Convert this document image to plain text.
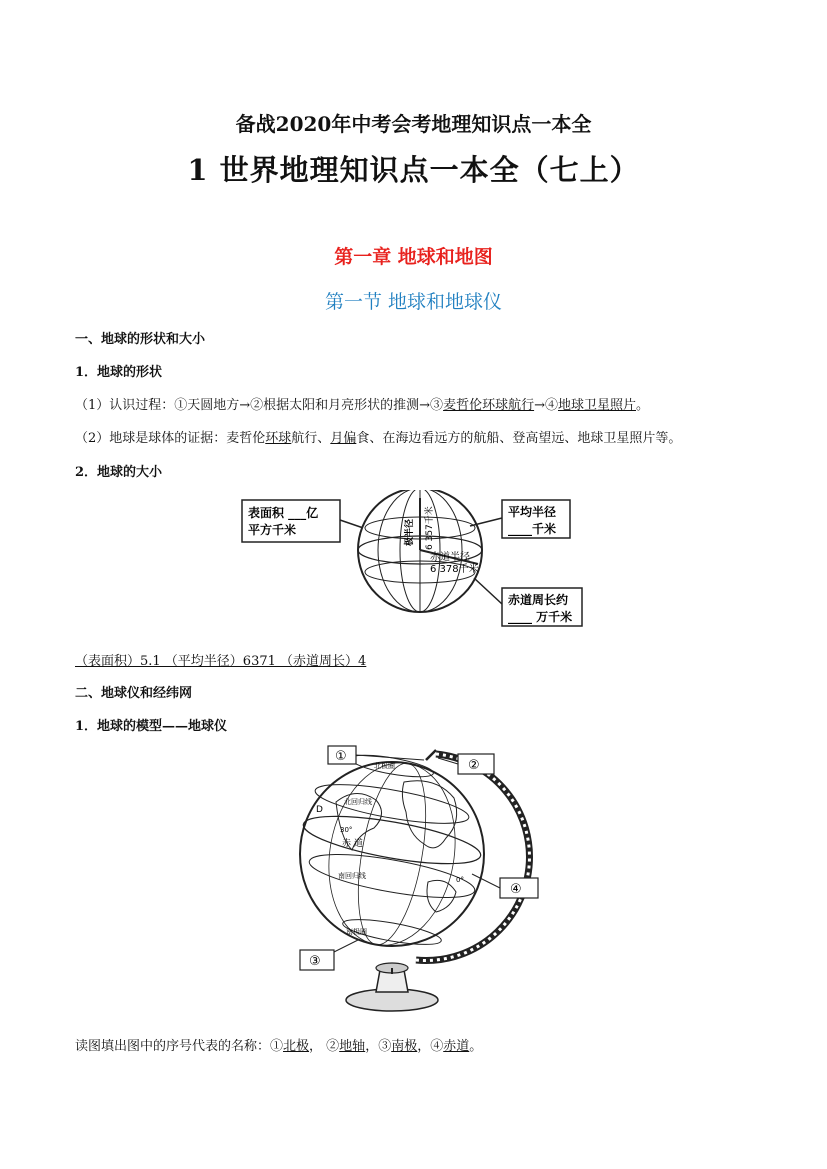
备战2020年中考会考地理知识点一本全
1 世界地理知识点一本全（七上）
第一章 地球和地图
第一节 地球和地球仪
一、地球的形状和大小
1．地球的形状
（1）认识过程：①天圆地方→②根据太阳和月亮形状的推测→③麦哲伦环球航行→④地球卫星照片。
（2）地球是球体的证据：麦哲伦环球航行、月偏食、在海边看远方的航船、登高望远、地球卫星照片等。
2．地球的大小
表面积 ___亿
平方千米	极半径 6 357千米
赤道半径
6 378千米
平均半径
____千米
赤道周长约
____ 万千米
（表面积）5.1 （平均半径）6371 （赤道周长）4
二、地球仪和经纬网
1．地球的模型——地球仪
北极圈
北回归线
D
30°
赤 道
0°
南回归线
南极圈
①
②
④
③
读图填出图中的序号代表的名称：①北极， ②地轴，③南极，④赤道。
